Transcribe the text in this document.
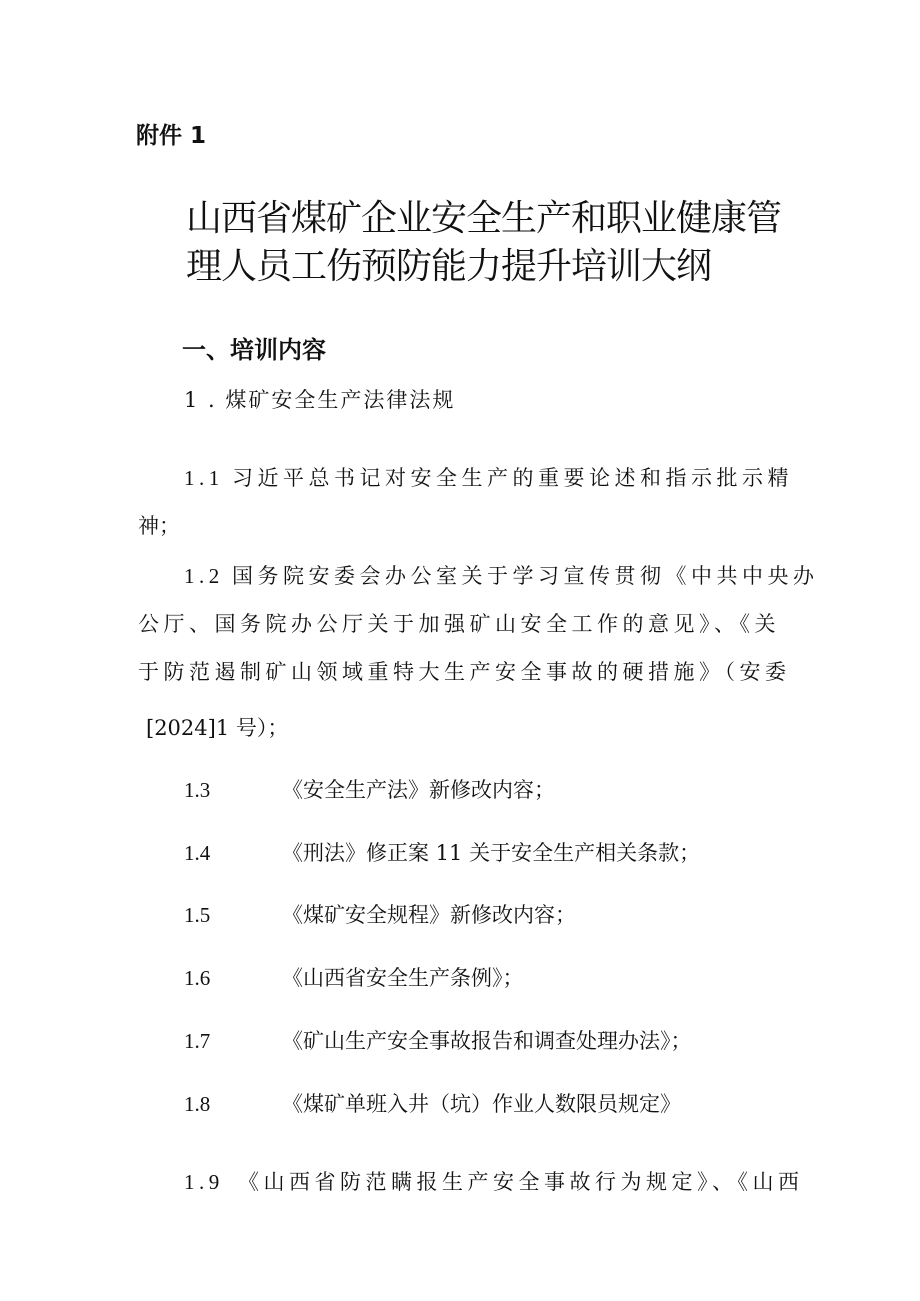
附件 1
山西省煤矿企业安全生产和职业健康管
理人员工伤预防能力提升培训大纲
一、培训内容
1 . 煤矿安全生产法律法规
1.1 习近平总书记对安全生产的重要论述和指示批示精
神；
1.2 国务院安委会办公室关于学习宣传贯彻《中共中央办
公厅、国务院办公厅关于加强矿山安全工作的意见》、《关
于防范遏制矿山领域重特大生产安全事故的硬措施》（安委
[2024]1 号）；
1.3	《安全生产法》新修改内容；
1.4	《刑法》修正案 11 关于安全生产相关条款；
1.5	《煤矿安全规程》新修改内容；
1.6	《山西省安全生产条例》；
1.7	《矿山生产安全事故报告和调查处理办法》；
1.8	《煤矿单班入井（坑）作业人数限员规定》
1.9 《山西省防范瞒报生产安全事故行为规定》、《山西
